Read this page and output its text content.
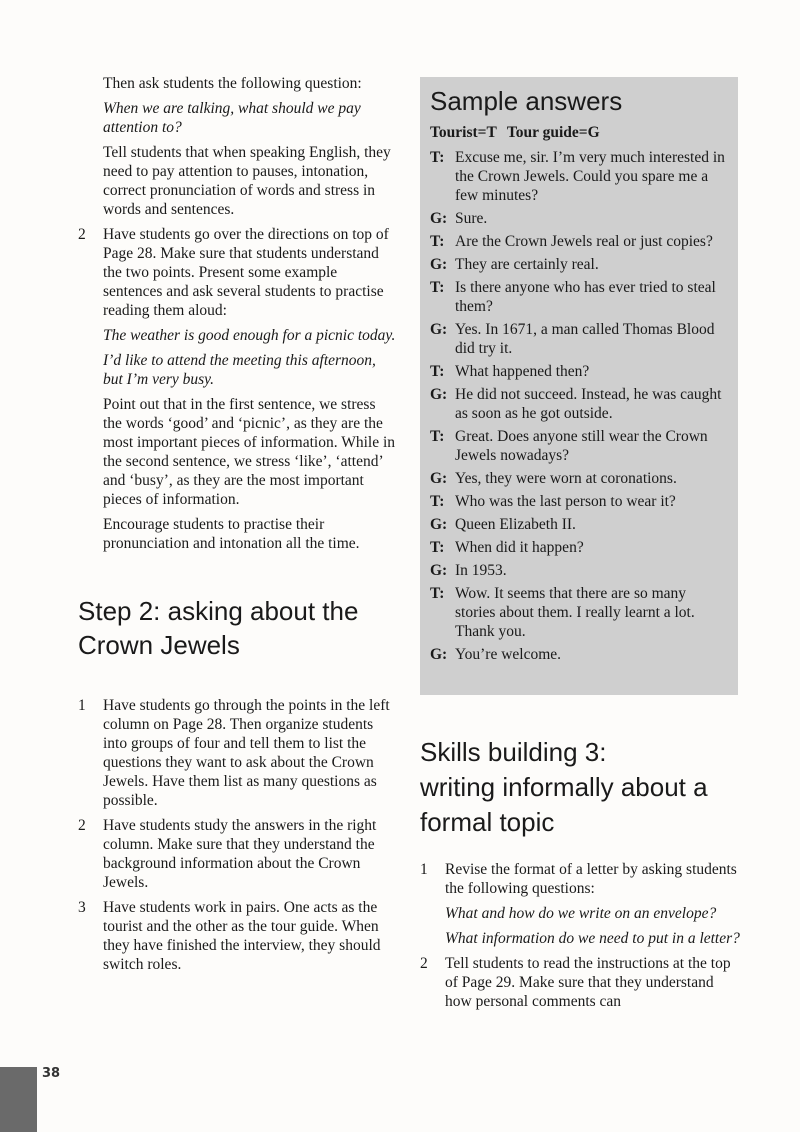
Then ask students the following question:

When we are talking, what should we pay attention to?

Tell students that when speaking English, they need to pay attention to pauses, intonation, correct pronunciation of words and stress in words and sentences.

2 Have students go over the directions on top of Page 28. Make sure that students understand the two points. Present some example sentences and ask several students to practise reading them aloud:

The weather is good enough for a picnic today.

I’d like to attend the meeting this afternoon, but I’m very busy.

Point out that in the first sentence, we stress the words ‘good’ and ‘picnic’, as they are the most important pieces of information. While in the second sentence, we stress ‘like’, ‘attend’ and ‘busy’, as they are the most important pieces of information.

Encourage students to practise their pronunciation and intonation all the time.

Step 2: asking about the Crown Jewels
1 Have students go through the points in the left column on Page 28. Then organize students into groups of four and tell them to list the questions they want to ask about the Crown Jewels. Have them list as many questions as possible.

2 Have students study the answers in the right column. Make sure that they understand the background information about the Crown Jewels.

3 Have students work in pairs. One acts as the tourist and the other as the tour guide. When they have finished the interview, they should switch roles.

Sample answers
Tourist=T Tour guide=G
T: Excuse me, sir. I’m very much interested in the Crown Jewels. Could you spare me a few minutes?

G: Sure.

T: Are the Crown Jewels real or just copies?

G: They are certainly real.

T: Is there anyone who has ever tried to steal them?

G: Yes. In 1671, a man called Thomas Blood did try it.

T: What happened then?

G: He did not succeed. Instead, he was caught as soon as he got outside.

T: Great. Does anyone still wear the Crown Jewels nowadays?

G: Yes, they were worn at coronations.

T: Who was the last person to wear it?

G: Queen Elizabeth II.

T: When did it happen?

G: In 1953.

T: Wow. It seems that there are so many stories about them. I really learnt a lot. Thank you.

G: You’re welcome.

Skills building 3:
writing informally about a formal topic
1 Revise the format of a letter by asking students the following questions:

What and how do we write on an envelope?

What information do we need to put in a letter?

2 Tell students to read the instructions at the top of Page 29. Make sure that they understand how personal comments can

38
